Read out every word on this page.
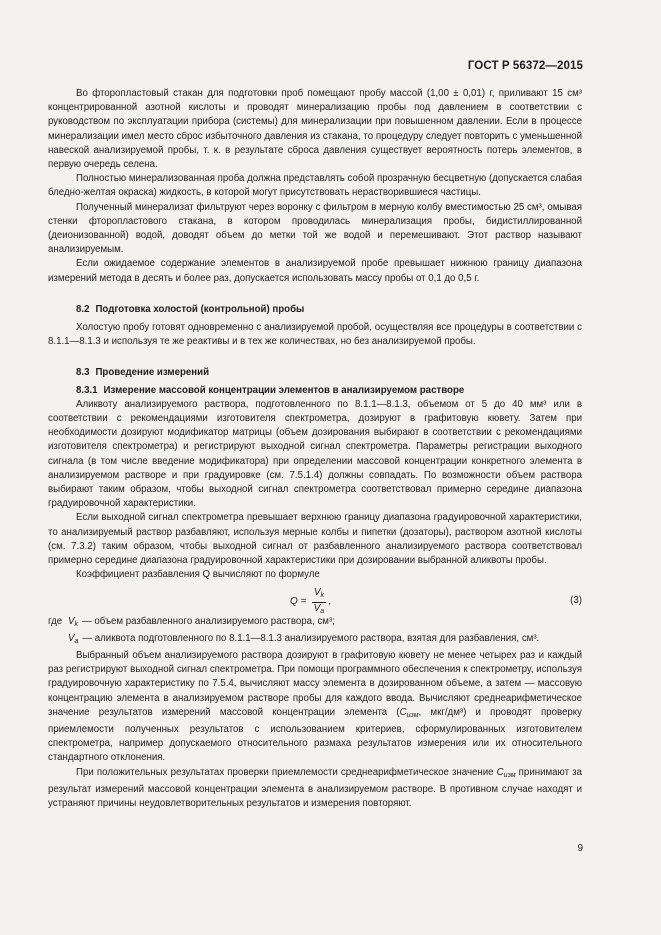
ГОСТ Р 56372—2015

Во фторопластовый стакан для подготовки проб помещают пробу массой (1,00 ± 0,01) г, приливают 15 см³ концентрированной азотной кислоты и проводят минерализацию пробы под давлением в соответствии с руководством по эксплуатации прибора (системы) для минерализации при повышенном давлении. Если в процессе минерализации имел место сброс избыточного давления из стакана, то процедуру следует повторить с уменьшенной навеской анализируемой пробы, т. к. в результате сброса давления существует вероятность потерь элементов, в первую очередь селена.

Полностью минерализованная проба должна представлять собой прозрачную бесцветную (допускается слабая бледно-желтая окраска) жидкость, в которой могут присутствовать нерастворившиеся частицы.

Полученный минерализат фильтруют через воронку с фильтром в мерную колбу вместимостью 25 см³, омывая стенки фторопластового стакана, в котором проводилась минерализация пробы, бидистиллированной (деионизованной) водой, доводят объем до метки той же водой и перемешивают. Этот раствор называют анализируемым.

Если ожидаемое содержание элементов в анализируемой пробе превышает нижнюю границу диапазона измерений метода в десять и более раз, допускается использовать массу пробы от 0,1 до 0,5 г.

8.2 Подготовка холостой (контрольной) пробы

Холостую пробу готовят одновременно с анализируемой пробой, осуществляя все процедуры в соответствии с 8.1.1—8.1.3 и используя те же реактивы и в тех же количествах, но без анализируемой пробы.

8.3 Проведение измерений

8.3.1 Измерение массовой концентрации элементов в анализируемом растворе

Аликвоту анализируемого раствора, подготовленного по 8.1.1—8.1.3, объемом от 5 до 40 мм³ или в соответствии с рекомендациями изготовителя спектрометра, дозируют в графитовую кювету. Затем при необходимости дозируют модификатор матрицы (объем дозирования выбирают в соответствии с рекомендациями изготовителя спектрометра) и регистрируют выходной сигнал спектрометра. Параметры регистрации выходного сигнала (в том числе введение модификатора) при определении массовой концентрации конкретного элемента в анализируемом растворе и при градуировке (см. 7.5.1.4) должны совпадать. По возможности объем раствора выбирают таким образом, чтобы выходной сигнал спектрометра соответствовал примерно середине диапазона градуировочной характеристики.

Если выходной сигнал спектрометра превышает верхнюю границу диапазона градуировочной характеристики, то анализируемый раствор разбавляют, используя мерные колбы и пипетки (дозаторы), раствором азотной кислоты (см. 7.3.2) таким образом, чтобы выходной сигнал от разбавленного анализируемого раствора соответствовал примерно середине диапазона градуировочной характеристики при дозировании выбранной аликвоты пробы.

Коэффициент разбавления Q вычисляют по формуле

$Q = \frac{V_k}{V_a}$ ,	(3)
где $V_k$ — объем разбавленного анализируемого раствора, см³;
$V_a$ — аликвота подготовленного по 8.1.1—8.1.3 анализируемого раствора, взятая для разбавления, см³.

Выбранный объем анализируемого раствора дозируют в графитовую кювету не менее четырех раз и каждый раз регистрируют выходной сигнал спектрометра. При помощи программного обеспечения к спектрометру, используя градуировочную характеристику по 7.5.4, вычисляют массу элемента в дозированном объеме, а затем — массовую концентрацию элемента в анализируемом растворе пробы для каждого ввода. Вычисляют среднеарифметическое значение результатов измерений массовой концентрации элемента ($C_{изм}$, мкг/дм³) и проводят проверку приемлемости полученных результатов с использованием критериев, сформулированных изготовителем спектрометра, например допускаемого относительного размаха результатов измерения или их относительного стандартного отклонения.

При положительных результатах проверки приемлемости среднеарифметическое значение $C_{изм}$ принимают за результат измерений массовой концентрации элемента в анализируемом растворе. В противном случае находят и устраняют причины неудовлетворительных результатов и измерения повторяют.

9
